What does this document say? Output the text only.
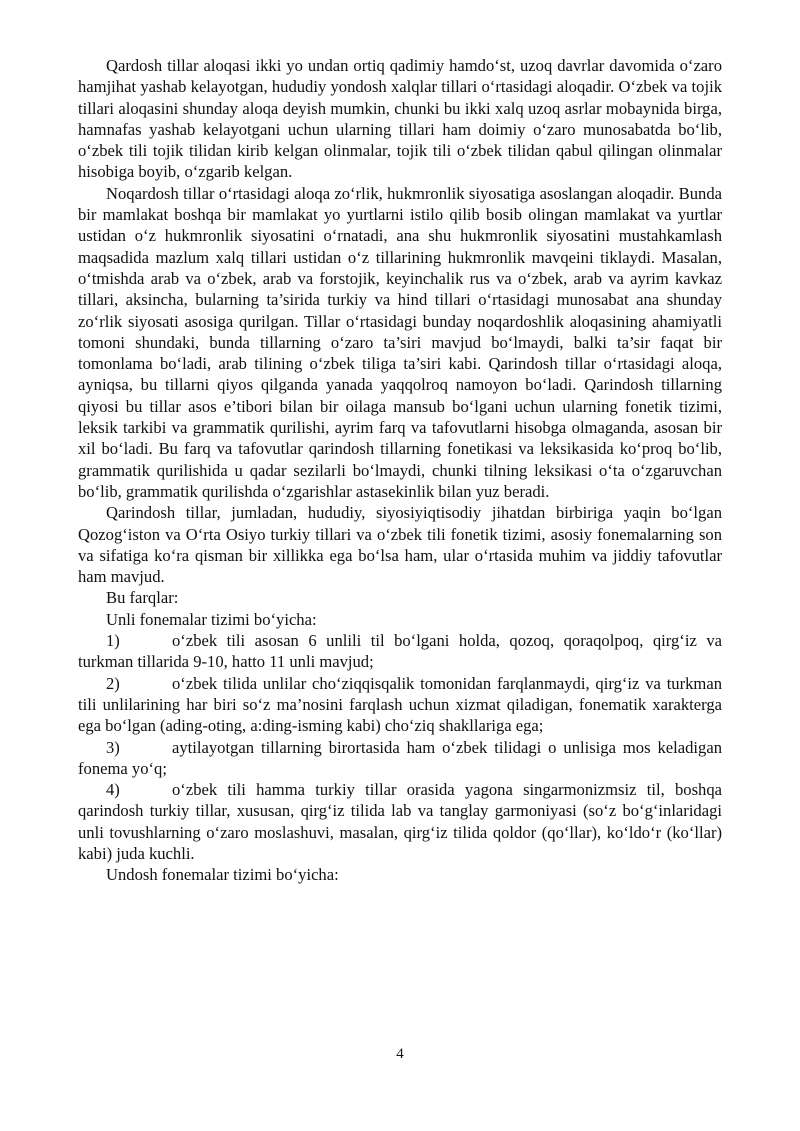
Qardosh tillar aloqasi ikki yo undan ortiq qadimiy hamdo‘st, uzoq davrlar davomida o‘zaro hamjihat yashab kelayotgan, hududiy yondosh xalqlar tillari o‘rtasidagi aloqadir. O‘zbek va tojik tillari aloqasini shunday aloqa deyish mumkin, chunki bu ikki xalq uzoq asrlar mobaynida birga, hamnafas yashab kelayotgani uchun ularning tillari ham doimiy o‘zaro munosabatda bo‘lib, o‘zbek tili tojik tilidan kirib kelgan olinmalar, tojik tili o‘zbek tilidan qabul qilingan olinmalar hisobiga boyib, o‘zgarib kelgan.

Noqardosh tillar o‘rtasidagi aloqa zo‘rlik, hukmronlik siyosatiga asoslangan aloqadir. Bunda bir mamlakat boshqa bir mamlakat yo yurtlarni istilo qilib bosib olingan mamlakat va yurtlar ustidan o‘z hukmronlik siyosatini o‘rnatadi, ana shu hukmronlik siyosatini mustahkamlash maqsadida mazlum xalq tillari ustidan o‘z tillarining hukmronlik mavqeini tiklaydi. Masalan, o‘tmishda arab va o‘zbek, arab va forstojik, keyinchalik rus va o‘zbek, arab va ayrim kavkaz tillari, aksincha, bularning ta’sirida turkiy va hind tillari o‘rtasidagi munosabat ana shunday zo‘rlik siyosati asosiga qurilgan. Tillar o‘rtasidagi bunday noqardoshlik aloqasining ahamiyatli tomoni shundaki, bunda tillarning o‘zaro ta’siri mavjud bo‘lmaydi, balki ta’sir faqat bir tomonlama bo‘ladi, arab tilining o‘zbek tiliga ta’siri kabi. Qarindosh tillar o‘rtasidagi aloqa, ayniqsa, bu tillarni qiyos qilganda yanada yaqqolroq namoyon bo‘ladi. Qarindosh tillarning qiyosi bu tillar asos e’tibori bilan bir oilaga mansub bo‘lgani uchun ularning fonetik tizimi, leksik tarkibi va grammatik qurilishi, ayrim farq va tafovutlarni hisobga olmaganda, asosan bir xil bo‘ladi. Bu farq va tafovutlar qarindosh tillarning fonetikasi va leksikasida ko‘proq bo‘lib, grammatik qurilishida u qadar sezilarli bo‘lmaydi, chunki tilning leksikasi o‘ta o‘zgaruvchan bo‘lib, grammatik qurilishda o‘zgarishlar astasekinlik bilan yuz beradi.

Qarindosh tillar, jumladan, hududiy, siyosiyiqtisodiy jihatdan birbiriga yaqin bo‘lgan Qozog‘iston va O‘rta Osiyo turkiy tillari va o‘zbek tili fonetik tizimi, asosiy fonemalarning son va sifatiga ko‘ra qisman bir xillikka ega bo‘lsa ham, ular o‘rtasida muhim va jiddiy tafovutlar ham mavjud.

Bu farqlar:

Unli fonemalar tizimi bo‘yicha:

1)	o‘zbek tili asosan 6 unlili til bo‘lgani holda, qozoq, qoraqolpoq, qirg‘iz va turkman tillarida 9-10, hatto 11 unli mavjud;

2)	o‘zbek tilida unlilar cho‘ziqqisqalik tomonidan farqlanmaydi, qirg‘iz va turkman tili unlilarining har biri so‘z ma’nosini farqlash uchun xizmat qiladigan, fonematik xarakterga ega bo‘lgan (ading-oting, a:ding-isming kabi) cho‘ziq shakllariga ega;

3)	aytilayotgan tillarning birortasida ham o‘zbek tilidagi o unlisiga mos keladigan fonema yo‘q;

4)	o‘zbek tili hamma turkiy tillar orasida yagona singarmonizmsiz til, boshqa qarindosh turkiy tillar, xususan, qirg‘iz tilida lab va tanglay garmoniyasi (so‘z bo‘g‘inlaridagi unli tovushlarning o‘zaro moslashuvi, masalan, qirg‘iz tilida qoldor (qo‘llar), ko‘ldo‘r (ko‘llar) kabi) juda kuchli.

Undosh fonemalar tizimi bo‘yicha:

4
